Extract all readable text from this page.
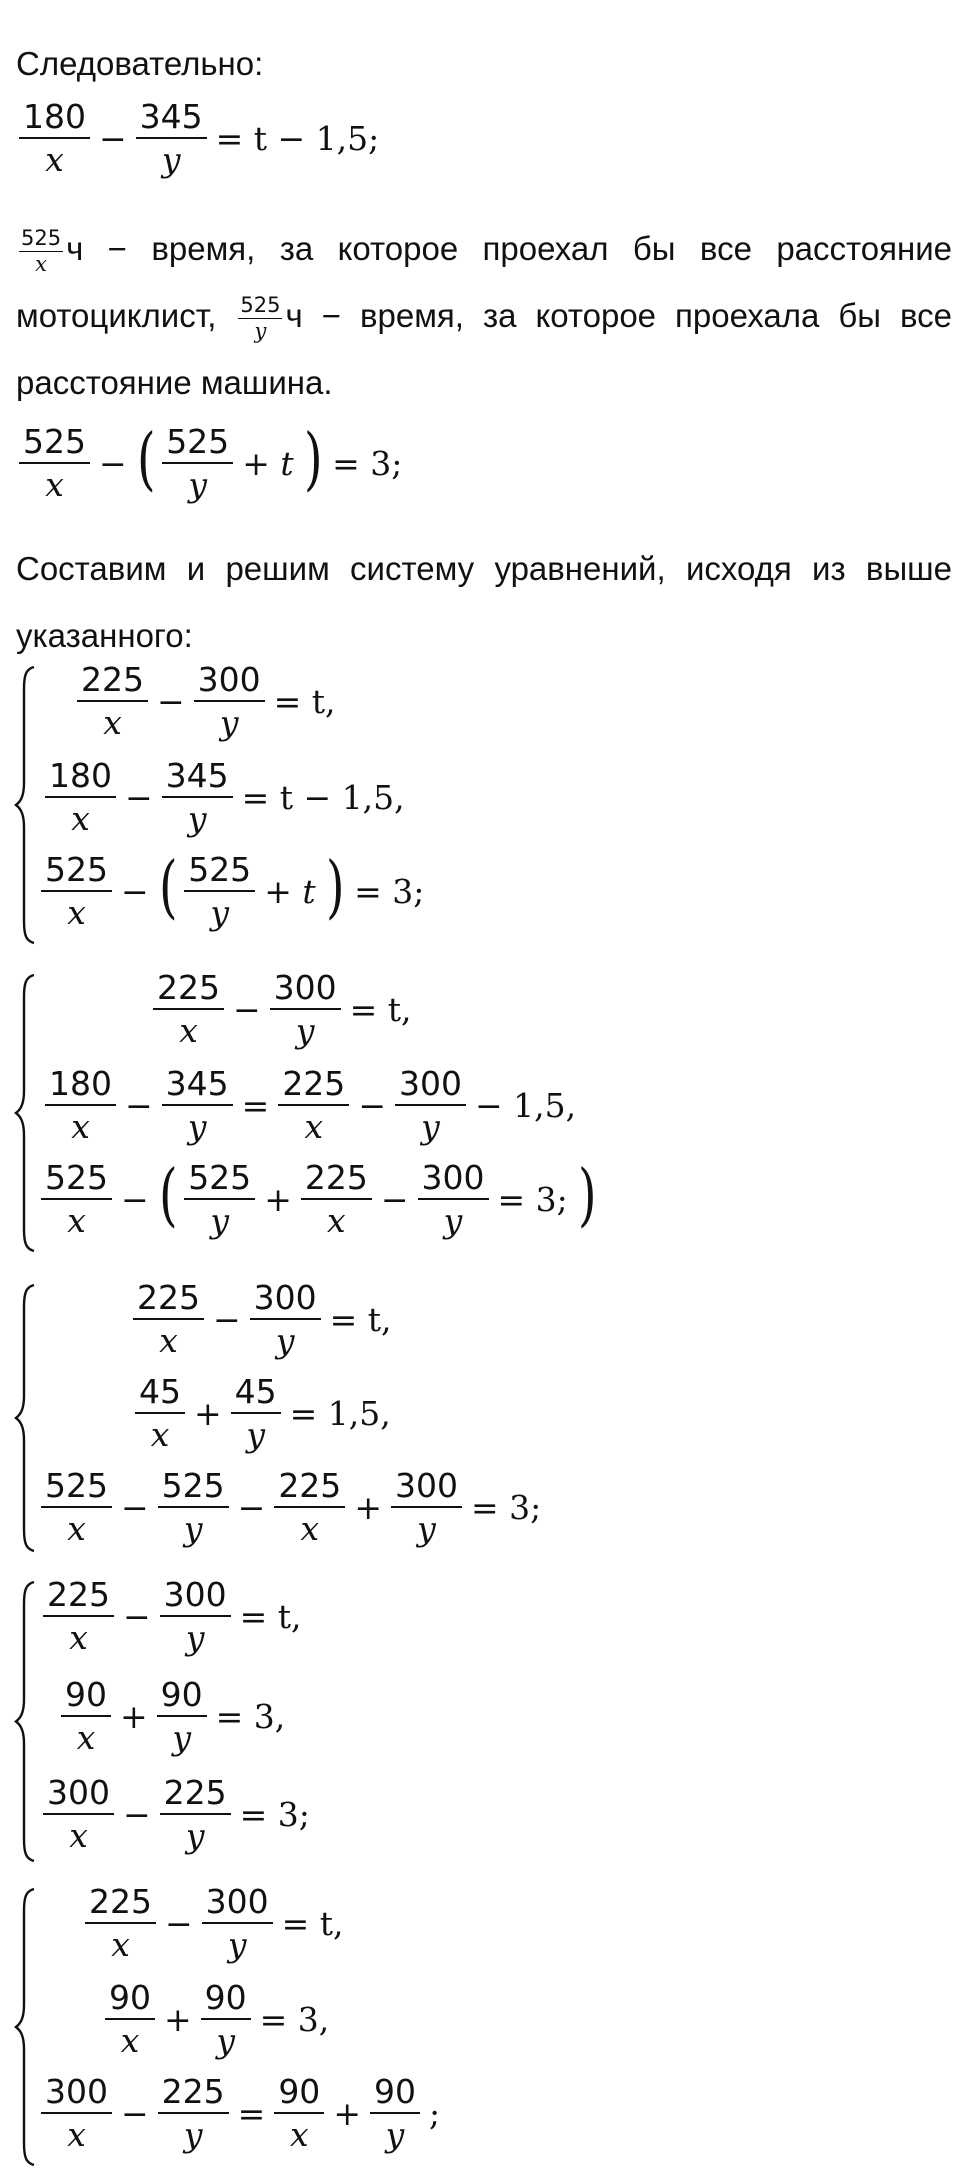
Следовательно:

$\frac{180}{x} - \frac{345}{y} = t - 1,5$;

$\frac{525}{x}$ ч − время, за которое проехал бы все расстояние мотоциклист, $\frac{525}{y}$ ч − время, за которое проехала бы все расстояние машина.

$\frac{525}{x}$ − ( $\frac{525}{y} + t$ ) = 3;

Составим и решим систему уравнений, исходя из выше указанного:

$\frac{225}{x} - \frac{300}{y} = t$,
$\frac{180}{x} - \frac{345}{y} = t - 1,5$,
$\frac{525}{x}$ − ( $\frac{525}{y} + t$ ) = 3;
$\frac{225}{x} - \frac{300}{y} = t$,
$\frac{180}{x} - \frac{345}{y} = \frac{225}{x} - \frac{300}{y} - 1,5$,
$\frac{525}{x}$ − ( $\frac{525}{y} + \frac{225}{x} - \frac{300}{y} = 3$; )
$\frac{225}{x} - \frac{300}{y} = t$,
$\frac{45}{x} + \frac{45}{y} = 1,5$,
$\frac{525}{x} - \frac{525}{y} - \frac{225}{x} + \frac{300}{y} = 3$;
$\frac{225}{x} - \frac{300}{y} = t$,
$\frac{90}{x} + \frac{90}{y} = 3$,
$\frac{300}{x} - \frac{225}{y} = 3$;
$\frac{225}{x} - \frac{300}{y} = t$,
$\frac{90}{x} + \frac{90}{y} = 3$,
$\frac{300}{x} - \frac{225}{y} = \frac{90}{x} + \frac{90}{y}$ ;
